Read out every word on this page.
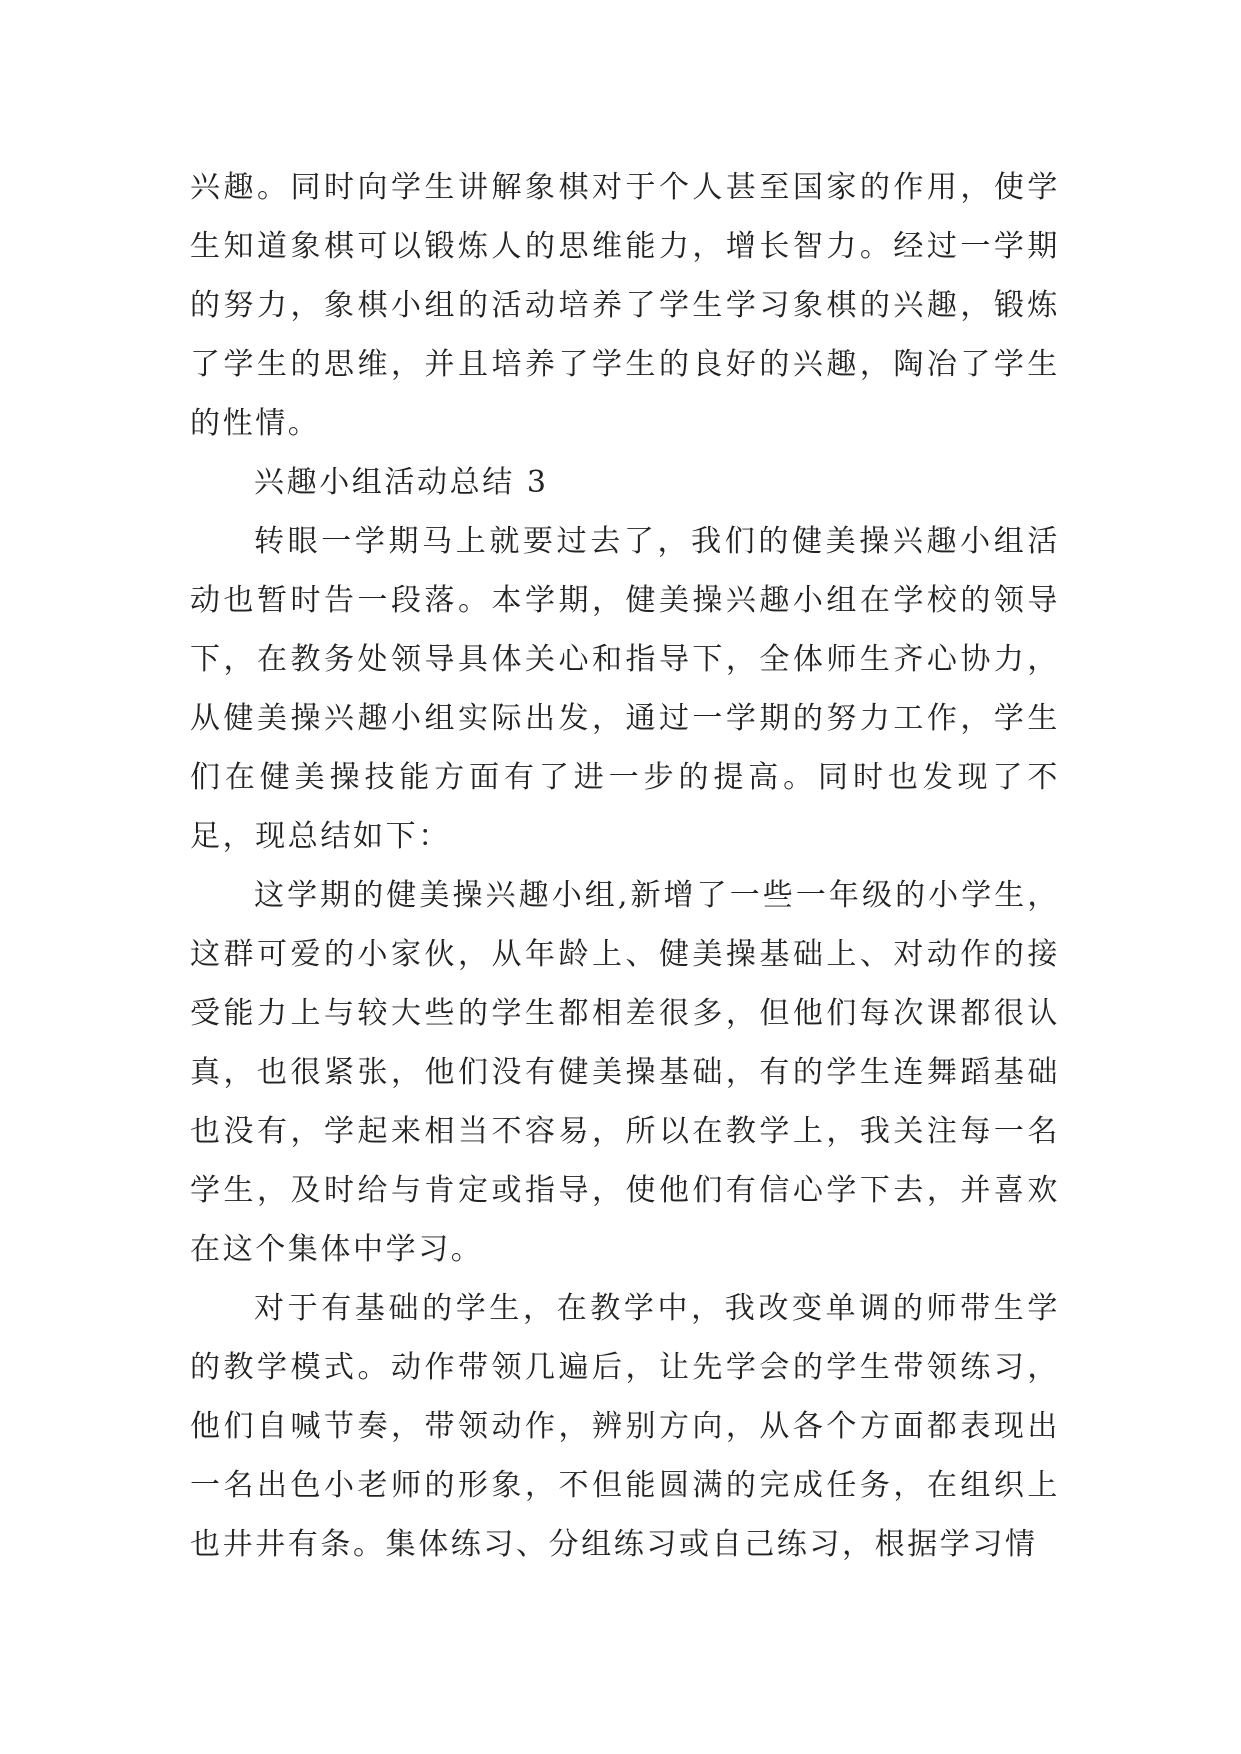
兴趣。同时向学生讲解象棋对于个人甚至国家的作用，使学生知道象棋可以锻炼人的思维能力，增长智力。经过一学期的努力，象棋小组的活动培养了学生学习象棋的兴趣，锻炼了学生的思维，并且培养了学生的良好的兴趣，陶冶了学生的性情。

兴趣小组活动总结 3

转眼一学期马上就要过去了，我们的健美操兴趣小组活动也暂时告一段落。本学期，健美操兴趣小组在学校的领导下，在教务处领导具体关心和指导下，全体师生齐心协力，从健美操兴趣小组实际出发，通过一学期的努力工作，学生们在健美操技能方面有了进一步的提高。同时也发现了不足，现总结如下：

这学期的健美操兴趣小组,新增了一些一年级的小学生，这群可爱的小家伙，从年龄上、健美操基础上、对动作的接受能力上与较大些的学生都相差很多，但他们每次课都很认真，也很紧张，他们没有健美操基础，有的学生连舞蹈基础也没有，学起来相当不容易，所以在教学上，我关注每一名学生，及时给与肯定或指导，使他们有信心学下去，并喜欢在这个集体中学习。

对于有基础的学生，在教学中，我改变单调的师带生学的教学模式。动作带领几遍后，让先学会的学生带领练习，他们自喊节奏，带领动作，辨别方向，从各个方面都表现出一名出色小老师的形象，不但能圆满的完成任务，在组织上也井井有条。集体练习、分组练习或自己练习，根据学习情
